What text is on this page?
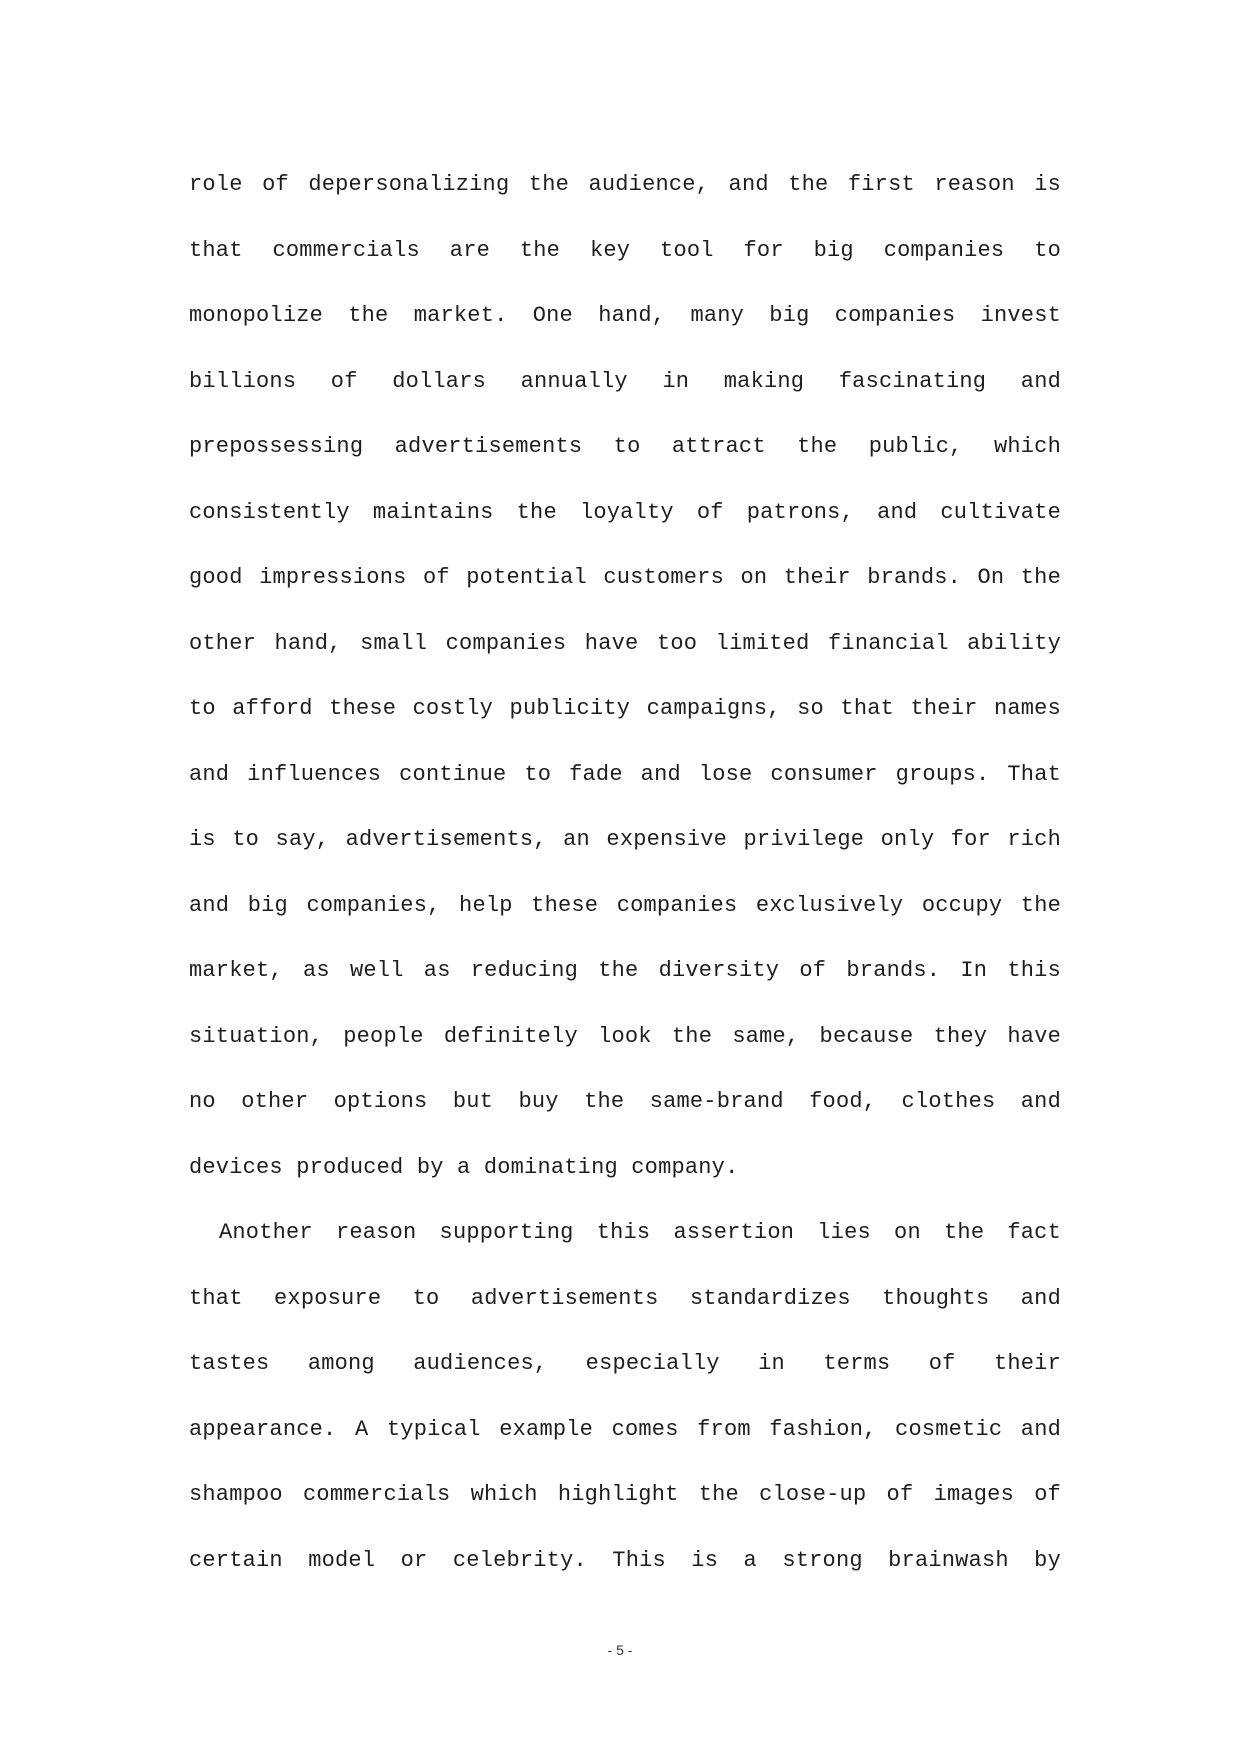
role of depersonalizing the audience, and the first reason is
that commercials are the key tool for big companies to
monopolize the market. One hand, many big companies invest
billions of dollars annually in making fascinating and
prepossessing advertisements to attract the public, which
consistently maintains the loyalty of patrons, and cultivate
good impressions of potential customers on their brands. On the
other hand, small companies have too limited financial ability
to afford these costly publicity campaigns, so that their names
and influences continue to fade and lose consumer groups. That
is to say, advertisements, an expensive privilege only for rich
and big companies, help these companies exclusively occupy the
market, as well as reducing the diversity of brands. In this
situation, people definitely look the same, because they have
no other options but buy the same-brand food, clothes and
devices produced by a dominating company.
Another reason supporting this assertion lies on the fact
that exposure to advertisements standardizes thoughts and
tastes among audiences, especially in terms of their
appearance. A typical example comes from fashion, cosmetic and
shampoo commercials which highlight the close-up of images of
certain model or celebrity. This is a strong brainwash by
- 5 -
